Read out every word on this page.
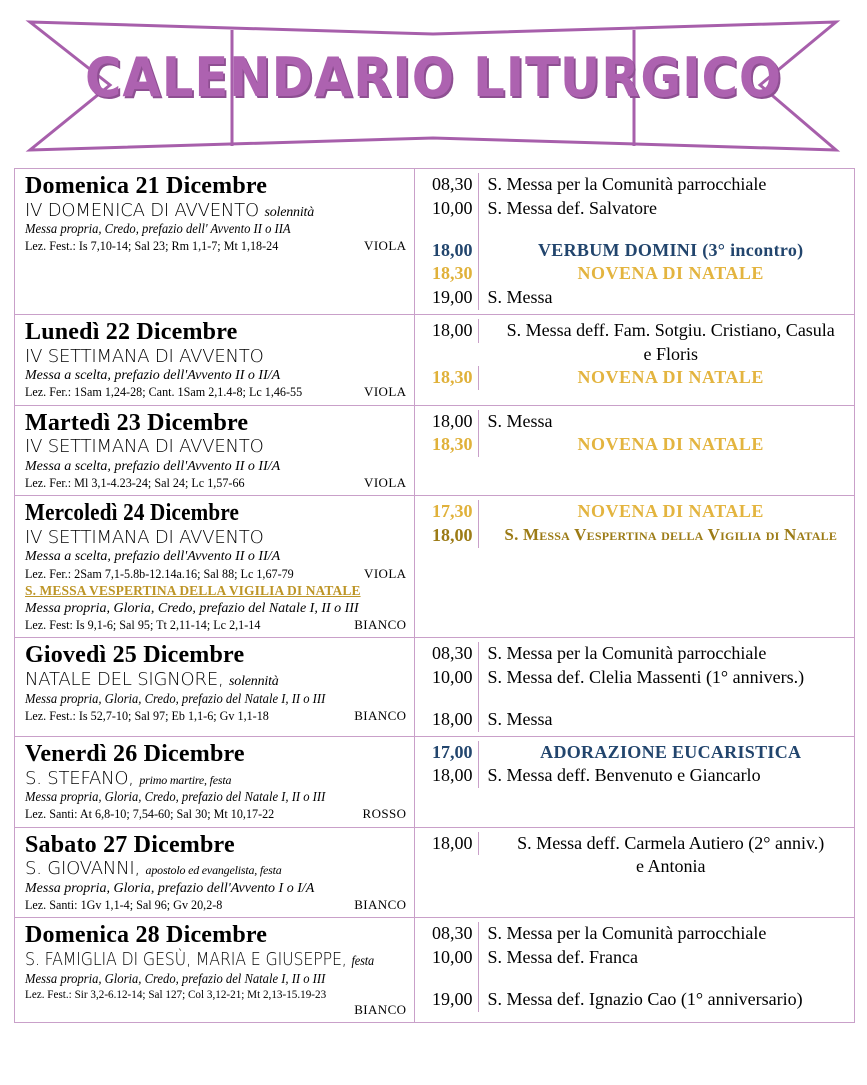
CALENDARIO LITURGICO
Domenica 21 Dicembre
IV DOMENICA DI AVVENTO solennità
Messa propria, Credo, prefazio dell' Avvento II o IIA
Lez. Fest.: Is 7,10-14; Sal 23; Rm 1,1-7; Mt 1,18-24	VIOLA

08,30 S. Messa per la Comunità parrocchiale
10,00 S. Messa def. Salvatore
18,00	VERBUM DOMINI (3° incontro)
18,30	NOVENA DI NATALE
19,00 S. Messa

Lunedì 22 Dicembre
IV SETTIMANA DI AVVENTO
Messa a scelta, prefazio dell'Avvento II o II/A
Lez. Fer.: 1Sam 1,24-28; Cant. 1Sam 2,1.4-8; Lc 1,46-55	VIOLA

18,00	S. Messa deff. Fam. Sotgiu. Cristiano, Casula
e Floris
18,30	NOVENA DI NATALE

Martedì 23 Dicembre
IV SETTIMANA DI AVVENTO
Messa a scelta, prefazio dell'Avvento II o II/A
Lez. Fer.: Ml 3,1-4.23-24; Sal 24; Lc 1,57-66	VIOLA

18,00 S. Messa
18,30	NOVENA DI NATALE

Mercoledì 24 Dicembre
IV SETTIMANA DI AVVENTO
Messa a scelta, prefazio dell'Avvento II o II/A
Lez. Fer.: 2Sam 7,1-5.8b-12.14a.16; Sal 88; Lc 1,67-79	VIOLA
S. MESSA VESPERTINA DELLA VIGILIA DI NATALE
Messa propria, Gloria, Credo, prefazio del Natale I, II o III
Lez. Fest: Is 9,1-6; Sal 95; Tt 2,11-14; Lc 2,1-14	BIANCO

17,30	NOVENA DI NATALE
18,00	S. Messa Vespertina della Vigilia di Natale

Giovedì 25 Dicembre
NATALE DEL SIGNORE, solennità
Messa propria, Gloria, Credo, prefazio del Natale I, II o III
Lez. Fest.: Is 52,7-10; Sal 97; Eb 1,1-6; Gv 1,1-18	BIANCO

08,30 S. Messa per la Comunità parrocchiale
10,00 S. Messa def. Clelia Massenti (1° annivers.)
18,00 S. Messa

Venerdì 26 Dicembre
S. STEFANO, primo martire, festa
Messa propria, Gloria, Credo, prefazio del Natale I, II o III
Lez. Santi: At 6,8-10; 7,54-60; Sal 30; Mt 10,17-22	ROSSO

17,00	ADORAZIONE EUCARISTICA
18,00 S. Messa deff. Benvenuto e Giancarlo

Sabato 27 Dicembre
S. GIOVANNI, apostolo ed evangelista, festa
Messa propria, Gloria, prefazio dell'Avvento I o I/A
Lez. Santi: 1Gv 1,1-4; Sal 96; Gv 20,2-8	BIANCO

18,00	S. Messa deff. Carmela Autiero (2° anniv.)
e Antonia

Domenica 28 Dicembre
S. FAMIGLIA DI GESÙ, MARIA E GIUSEPPE, festa
Messa propria, Gloria, Credo, prefazio del Natale I, II o III
Lez. Fest.: Sir 3,2-6.12-14; Sal 127; Col 3,12-21; Mt 2,13-15.19-23
BIANCO

08,30 S. Messa per la Comunità parrocchiale
10,00 S. Messa def. Franca
19,00 S. Messa def. Ignazio Cao (1° anniversario)
